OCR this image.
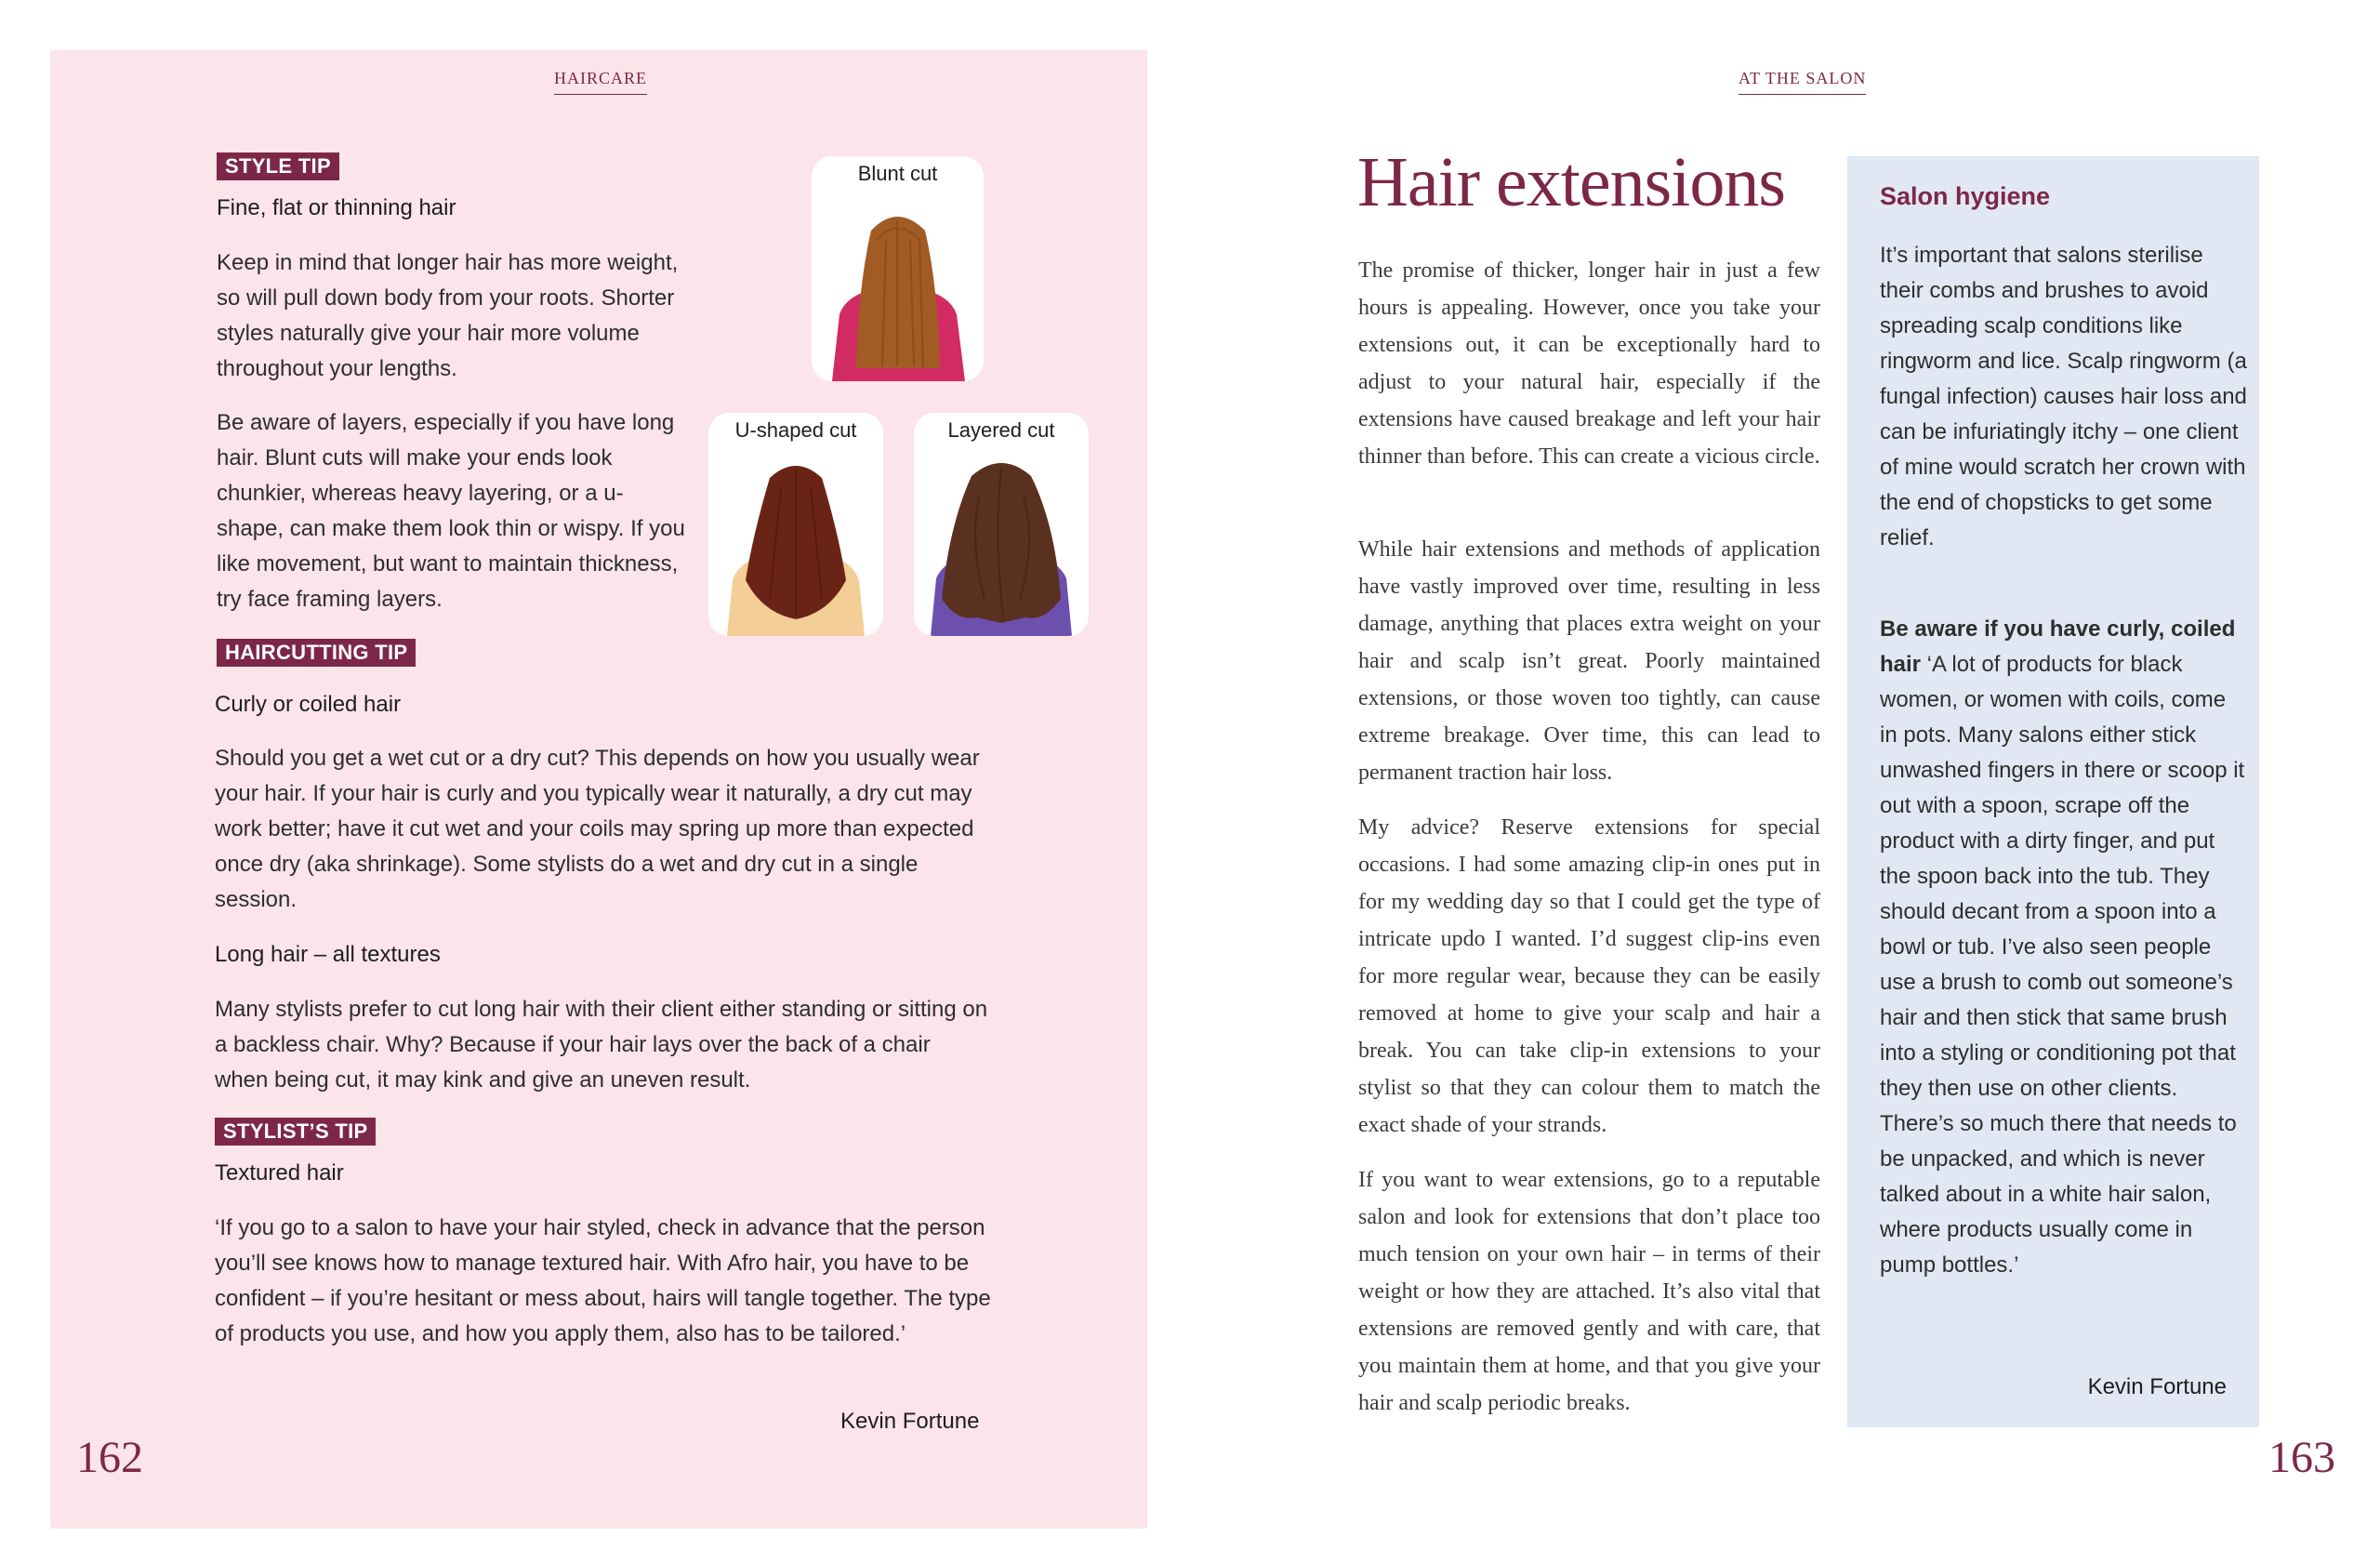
HAIRCARE
STYLE TIP
Fine, flat or thinning hair

Keep in mind that longer hair has more weight, so will pull down body from your roots. Shorter styles naturally give your hair more volume throughout your lengths.

Be aware of layers, especially if you have long hair. Blunt cuts will make your ends look chunkier, whereas heavy layering, or a u-shape, can make them look thin or wispy. If you like movement, but want to maintain thickness, try face framing layers.

Blunt cut
U-shaped cut	Layered cut
HAIRCUTTING TIP
Curly or coiled hair

Should you get a wet cut or a dry cut? This depends on how you usually wear your hair. If your hair is curly and you typically wear it naturally, a dry cut may work better; have it cut wet and your coils may spring up more than expected once dry (aka shrinkage). Some stylists do a wet and dry cut in a single session.

Long hair – all textures

Many stylists prefer to cut long hair with their client either standing or sitting on a backless chair. Why? Because if your hair lays over the back of a chair when being cut, it may kink and give an uneven result.

STYLIST’S TIP
Textured hair

‘If you go to a salon to have your hair styled, check in advance that the person you’ll see knows how to manage textured hair. With Afro hair, you have to be confident – if you’re hesitant or mess about, hairs will tangle together. The type of products you use, and how you apply them, also has to be tailored.’

Kevin Fortune
162
AT THE SALON
Hair extensions

The promise of thicker, longer hair in just a few hours is appealing. However, once you take your extensions out, it can be exceptionally hard to adjust to your natural hair, especially if the extensions have caused breakage and left your hair thinner than before. This can create a vicious circle.

While hair extensions and methods of application have vastly improved over time, resulting in less damage, anything that places extra weight on your hair and scalp isn’t great. Poorly maintained extensions, or those woven too tightly, can cause extreme breakage. Over time, this can lead to permanent traction hair loss.

My advice? Reserve extensions for special occasions. I had some amazing clip-in ones put in for my wedding day so that I could get the type of intricate updo I wanted. I’d suggest clip-ins even for more regular wear, because they can be easily removed at home to give your scalp and hair a break. You can take clip-in extensions to your stylist so that they can colour them to match the exact shade of your strands.

If you want to wear extensions, go to a reputable salon and look for extensions that don’t place too much tension on your own hair – in terms of their weight or how they are attached. It’s also vital that extensions are removed gently and with care, that you maintain them at home, and that you give your hair and scalp periodic breaks.

Salon hygiene

It’s important that salons sterilise their combs and brushes to avoid spreading scalp conditions like ringworm and lice. Scalp ringworm (a fungal infection) causes hair loss and can be infuriatingly itchy – one client of mine would scratch her crown with the end of chopsticks to get some relief.

Be aware if you have curly, coiled hair ‘A lot of products for black women, or women with coils, come in pots. Many salons either stick unwashed fingers in there or scoop it out with a spoon, scrape off the product with a dirty finger, and put the spoon back into the tub. They should decant from a spoon into a bowl or tub. I’ve also seen people use a brush to comb out someone’s hair and then stick that same brush into a styling or conditioning pot that they then use on other clients. There’s so much there that needs to be unpacked, and which is never talked about in a white hair salon, where products usually come in pump bottles.’

Kevin Fortune
163
